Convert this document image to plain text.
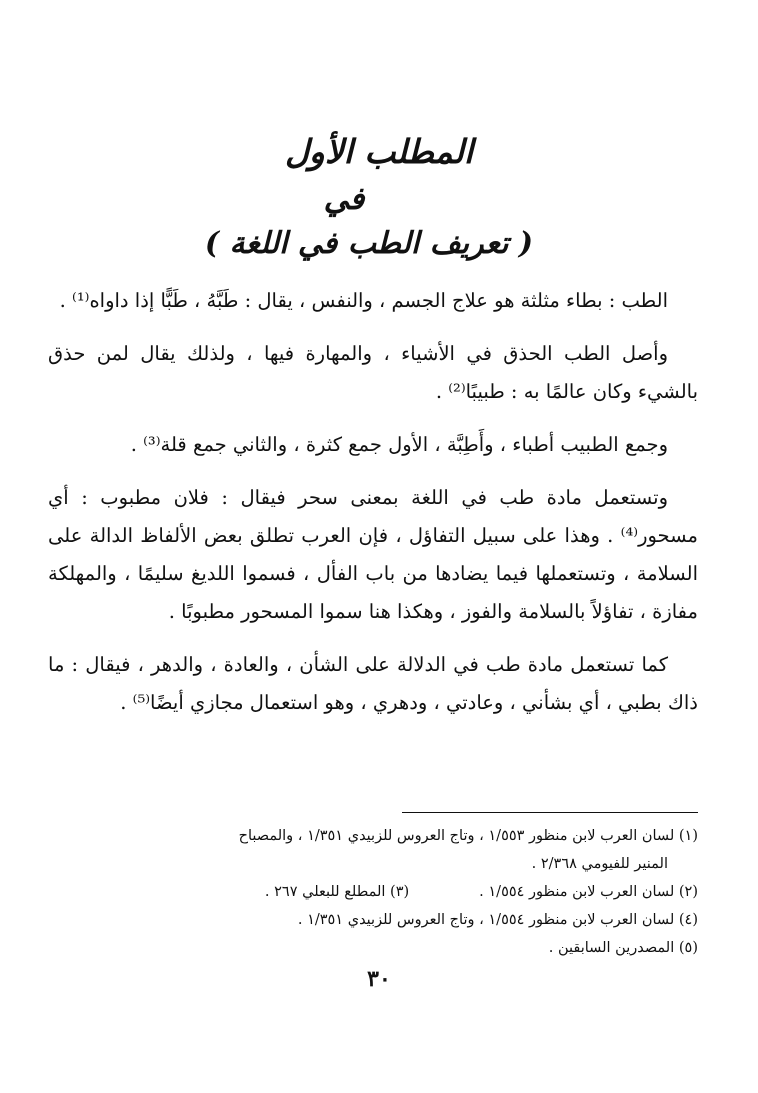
المطلب الأول

في

( تعريف الطب في اللغة )

الطب : بطاء مثلثة هو علاج الجسم ، والنفس ، يقال : طَبَّهُ ، طَبًّا إذا داواه⁽¹⁾ .

وأصل الطب الحذق في الأشياء ، والمهارة فيها ، ولذلك يقال لمن حذق بالشيء وكان عالمًا به : طبيبًا⁽²⁾ .

وجمع الطبيب أطباء ، وأَطِبَّة ، الأول جمع كثرة ، والثاني جمع قلة⁽³⁾ .

وتستعمل مادة طب في اللغة بمعنى سحر فيقال : فلان مطبوب : أي مسحور⁽⁴⁾ . وهذا على سبيل التفاؤل ، فإن العرب تطلق بعض الألفاظ الدالة على السلامة ، وتستعملها فيما يضادها من باب الفأل ، فسموا اللديغ سليمًا ، والمهلكة مفازة ، تفاؤلاً بالسلامة والفوز ، وهكذا هنا سموا المسحور مطبوبًا .

كما تستعمل مادة طب في الدلالة على الشأن ، والعادة ، والدهر ، فيقال : ما ذاك بطبي ، أي بشأني ، وعادتي ، ودهري ، وهو استعمال مجازي أيضًا⁽⁵⁾ .

(١) لسان العرب لابن منظور ١/٥٥٣ ، وتاج العروس للزبيدي ١/٣٥١ ، والمصباح

المنير للفيومي ٢/٣٦٨ .

(٢) لسان العرب لابن منظور ١/٥٥٤ .
(٣) المطلع للبعلي ٢٦٧ .

(٤) لسان العرب لابن منظور ١/٥٥٤ ، وتاج العروس للزبيدي ١/٣٥١ .

(٥) المصدرين السابقين .

٣٠
